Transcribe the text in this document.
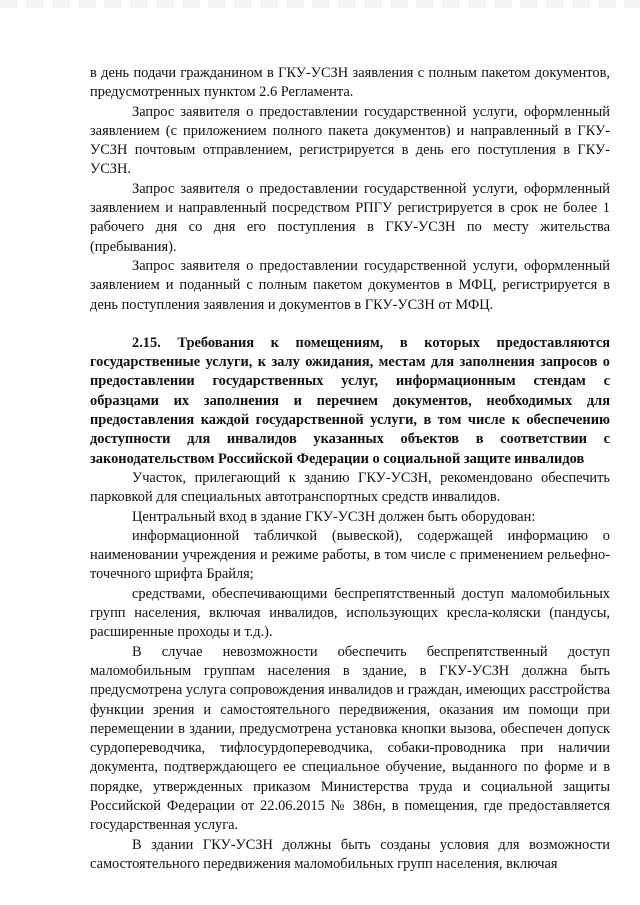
в день подачи гражданином в ГКУ-УСЗН заявления с полным пакетом документов, предусмотренных пунктом 2.6 Регламента.

Запрос заявителя о предоставлении государственной услуги, оформленный заявлением (с приложением полного пакета документов) и направленный в ГКУ-УСЗН почтовым отправлением, регистрируется в день его поступления в ГКУ-УСЗН.

Запрос заявителя о предоставлении государственной услуги, оформленный заявлением и направленный посредством РПГУ регистрируется в срок не более 1 рабочего дня со дня его поступления в ГКУ-УСЗН по месту жительства (пребывания).

Запрос заявителя о предоставлении государственной услуги, оформленный заявлением и поданный с полным пакетом документов в МФЦ, регистрируется в день поступления заявления и документов в ГКУ-УСЗН от МФЦ.

2.15. Требования к помещениям, в которых предоставляются государственные услуги, к залу ожидания, местам для заполнения запросов о предоставлении государственных услуг, информационным стендам с образцами их заполнения и перечнем документов, необходимых для предоставления каждой государственной услуги, в том числе к обеспечению доступности для инвалидов указанных объектов в соответствии с законодательством Российской Федерации о социальной защите инвалидов

Участок, прилегающий к зданию ГКУ-УСЗН, рекомендовано обеспечить парковкой для специальных автотранспортных средств инвалидов.

Центральный вход в здание ГКУ-УСЗН должен быть оборудован:

информационной табличкой (вывеской), содержащей информацию о наименовании учреждения и режиме работы, в том числе с применением рельефно-точечного шрифта Брайля;

средствами, обеспечивающими беспрепятственный доступ маломобильных групп населения, включая инвалидов, использующих кресла-коляски (пандусы, расширенные проходы и т.д.).

В случае невозможности обеспечить беспрепятственный доступ маломобильным группам населения в здание, в ГКУ-УСЗН должна быть предусмотрена услуга сопровождения инвалидов и граждан, имеющих расстройства функции зрения и самостоятельного передвижения, оказания им помощи при перемещении в здании, предусмотрена установка кнопки вызова, обеспечен допуск сурдопереводчика, тифлосурдопереводчика, собаки-проводника при наличии документа, подтверждающего ее специальное обучение, выданного по форме и в порядке, утвержденных приказом Министерства труда и социальной защиты Российской Федерации от 22.06.2015 № 386н, в помещения, где предоставляется государственная услуга.

В здании ГКУ-УСЗН должны быть созданы условия для возможности самостоятельного передвижения маломобильных групп населения, включая
